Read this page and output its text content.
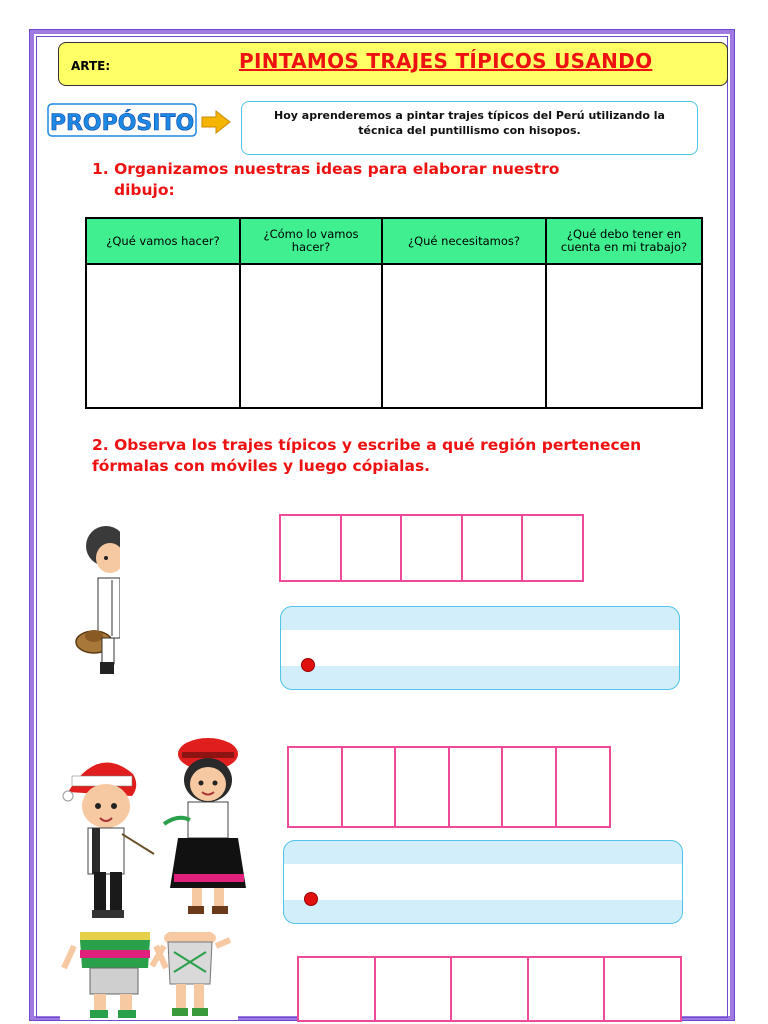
ARTE:	PINTAMOS TRAJES TÍPICOS USANDO
PROPÓSITO	Hoy aprenderemos a pintar trajes típicos del Perú utilizando la técnica del puntillismo con hisopos.
1. Organizamos nuestras ideas para elaborar nuestro
dibujo:
¿Qué vamos hacer?	¿Cómo lo vamos hacer?	¿Qué necesitamos?	¿Qué debo tener en cuenta en mi trabajo?

2. Observa los trajes típicos y escribe a qué región pertenecen
fórmalas con móviles y luego cópialas.
